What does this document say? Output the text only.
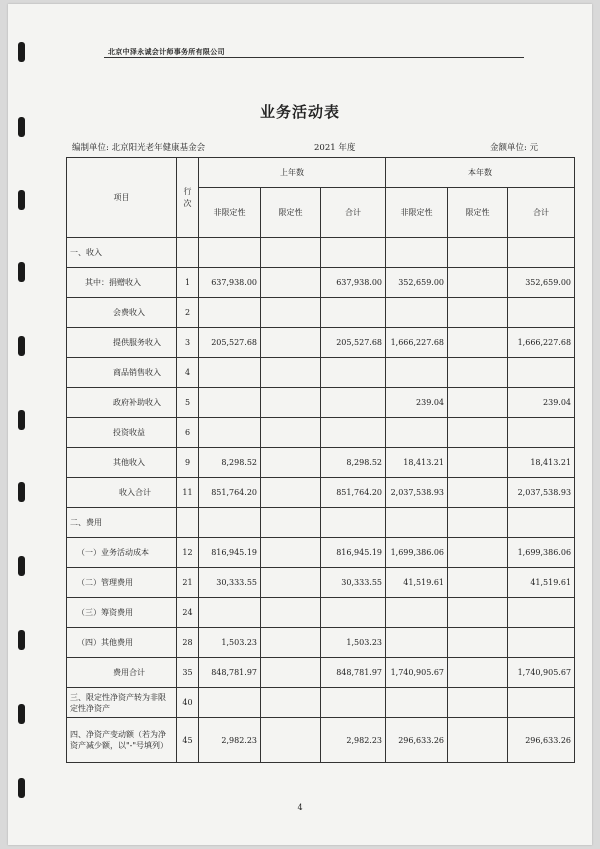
北京中泽永诚会计师事务所有限公司
业务活动表
编制单位: 北京阳光老年健康基金会	2021 年度	金额单位: 元
项目	行次	上年数			本年数		
		非限定性	限定性	合计	非限定性	限定性	合计
一、收入							
其中：捐赠收入	1	637,938.00		637,938.00	352,659.00		352,659.00
会费收入	2						
提供服务收入	3	205,527.68		205,527.68	1,666,227.68		1,666,227.68
商品销售收入	4						
政府补助收入	5				239.04		239.04
投资收益	6						
其他收入	9	8,298.52		8,298.52	18,413.21		18,413.21
收入合计	11	851,764.20		851,764.20	2,037,538.93		2,037,538.93
二、费用							
（一）业务活动成本	12	816,945.19		816,945.19	1,699,386.06		1,699,386.06
（二）管理费用	21	30,333.55		30,333.55	41,519.61		41,519.61
（三）筹资费用	24						
（四）其他费用	28	1,503.23		1,503.23			
费用合计	35	848,781.97		848,781.97	1,740,905.67		1,740,905.67
三、限定性净资产转为非限定性净资产	40						
四、净资产变动额（若为净资产减少额，以"-"号填列）	45	2,982.23		2,982.23	296,633.26		296,633.26
4
